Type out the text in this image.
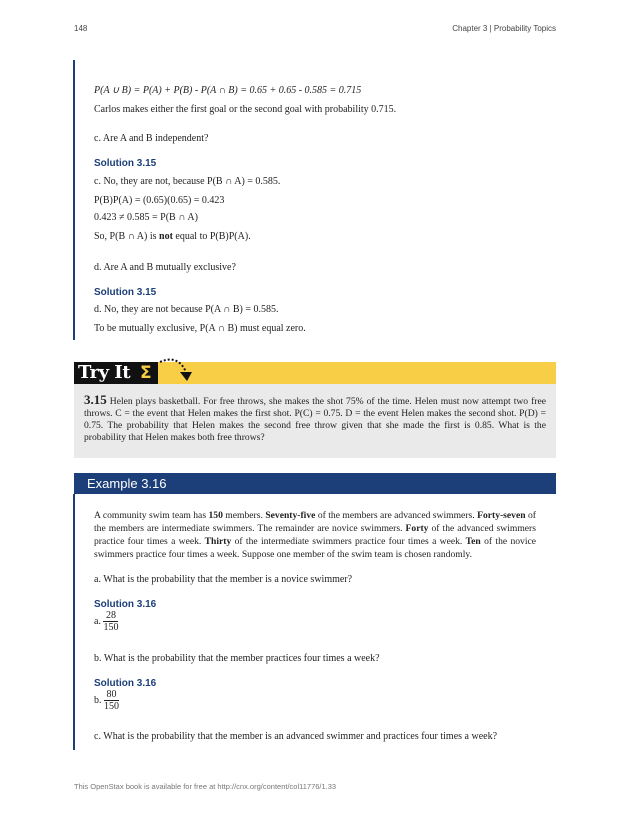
148	Chapter 3 | Probability Topics
P(A ∪ B) = P(A) + P(B) - P(A ∩ B) = 0.65 + 0.65 - 0.585 = 0.715
Carlos makes either the first goal or the second goal with probability 0.715.
c. Are A and B independent?
Solution 3.15
c. No, they are not, because P(B ∩ A) = 0.585.
P(B)P(A) = (0.65)(0.65) = 0.423
0.423 ≠ 0.585 = P(B ∩ A)
So, P(B ∩ A) is not equal to P(B)P(A).
d. Are A and B mutually exclusive?
Solution 3.15
d. No, they are not because P(A ∩ B) = 0.585.
To be mutually exclusive, P(A ∩ B) must equal zero.
Try It Σ
3.15 Helen plays basketball. For free throws, she makes the shot 75% of the time. Helen must now attempt two free throws. C = the event that Helen makes the first shot. P(C) = 0.75. D = the event Helen makes the second shot. P(D) = 0.75. The probability that Helen makes the second free throw given that she made the first is 0.85. What is the probability that Helen makes both free throws?
Example 3.16
A community swim team has 150 members. Seventy-five of the members are advanced swimmers. Forty-seven of the members are intermediate swimmers. The remainder are novice swimmers. Forty of the advanced swimmers practice four times a week. Thirty of the intermediate swimmers practice four times a week. Ten of the novice swimmers practice four times a week. Suppose one member of the swim team is chosen randomly.
a. What is the probability that the member is a novice swimmer?
Solution 3.16
a. $\frac{28}{150}$
b. What is the probability that the member practices four times a week?
Solution 3.16
b. $\frac{80}{150}$
c. What is the probability that the member is an advanced swimmer and practices four times a week?
This OpenStax book is available for free at http://cnx.org/content/col11776/1.33
